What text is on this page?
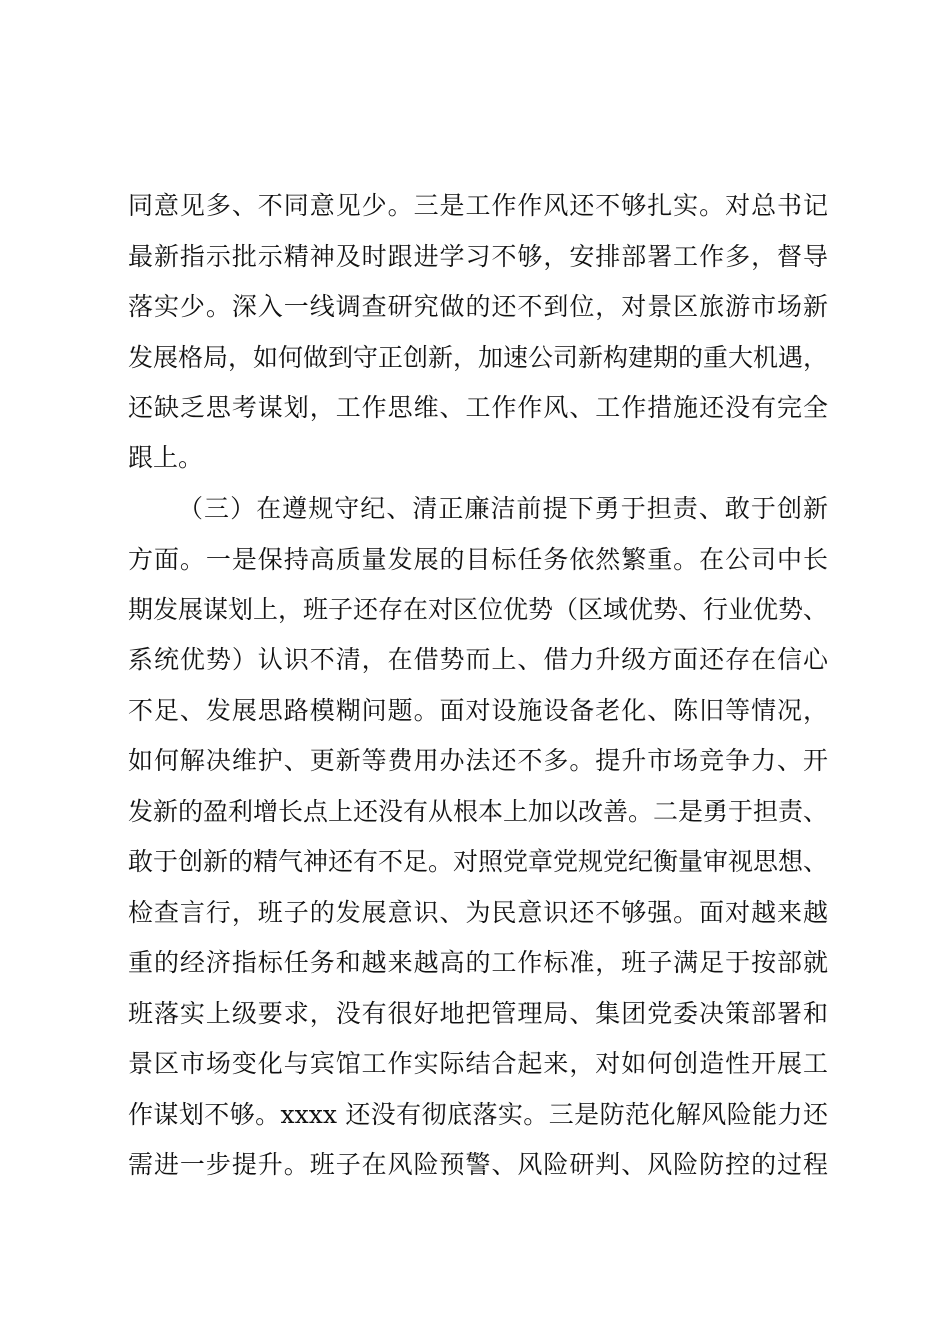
同意见多、不同意见少。三是工作作风还不够扎实。对总书记
最新指示批示精神及时跟进学习不够，安排部署工作多，督导
落实少。深入一线调查研究做的还不到位，对景区旅游市场新
发展格局，如何做到守正创新，加速公司新构建期的重大机遇，
还缺乏思考谋划，工作思维、工作作风、工作措施还没有完全
跟上。
（三）在遵规守纪、清正廉洁前提下勇于担责、敢于创新
方面。一是保持高质量发展的目标任务依然繁重。在公司中长
期发展谋划上，班子还存在对区位优势（区域优势、行业优势、
系统优势）认识不清，在借势而上、借力升级方面还存在信心
不足、发展思路模糊问题。面对设施设备老化、陈旧等情况，
如何解决维护、更新等费用办法还不多。提升市场竞争力、开
发新的盈利增长点上还没有从根本上加以改善。二是勇于担责、
敢于创新的精气神还有不足。对照党章党规党纪衡量审视思想、
检查言行，班子的发展意识、为民意识还不够强。面对越来越
重的经济指标任务和越来越高的工作标准，班子满足于按部就
班落实上级要求，没有很好地把管理局、集团党委决策部署和
景区市场变化与宾馆工作实际结合起来，对如何创造性开展工
作谋划不够。xxxx 还没有彻底落实。三是防范化解风险能力还
需进一步提升。班子在风险预警、风险研判、风险防控的过程
